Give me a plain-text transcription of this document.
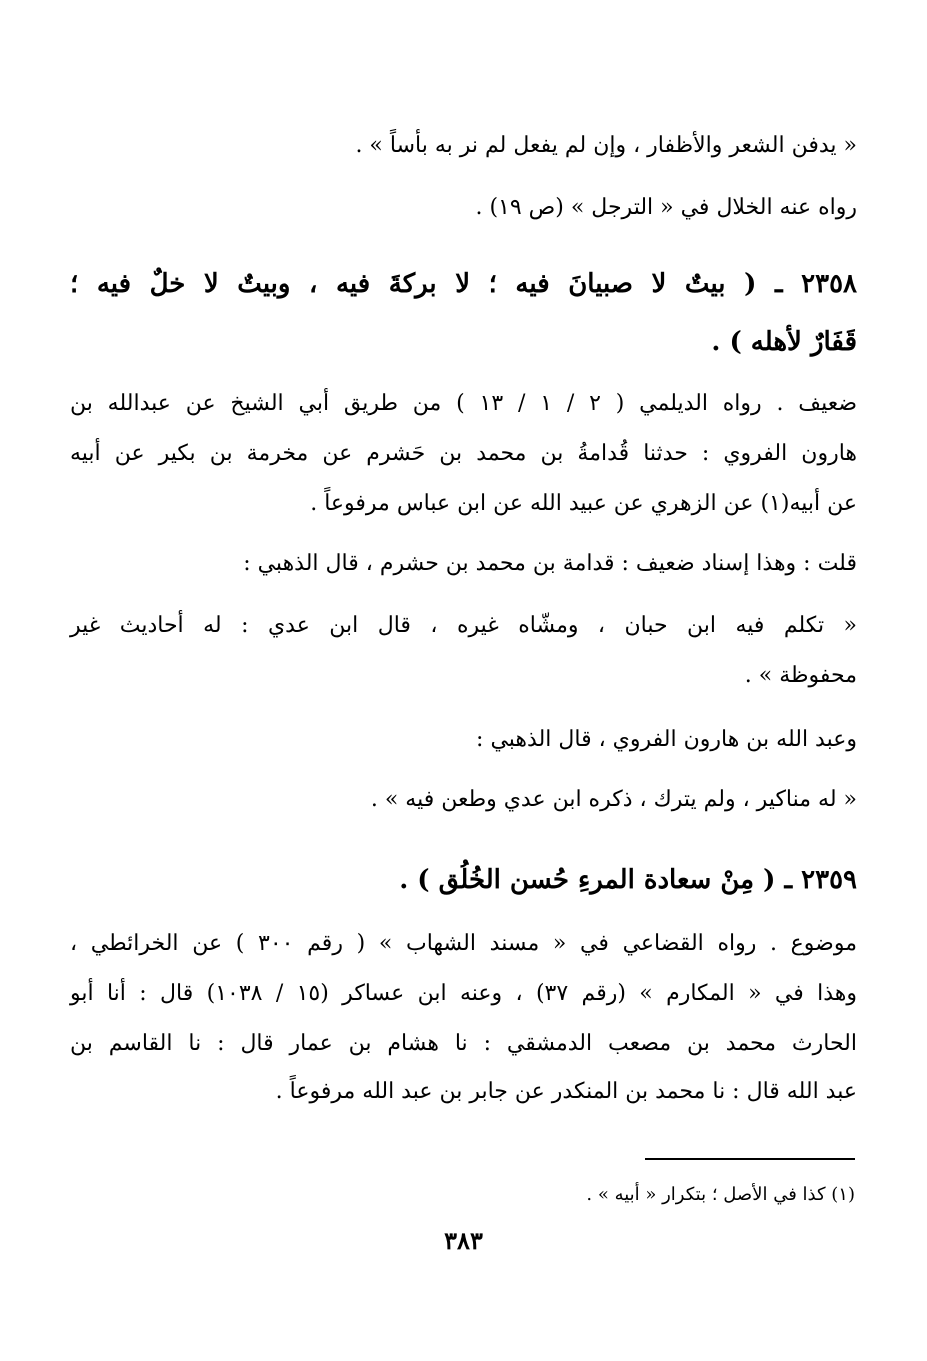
« يدفن الشعر والأظفار ، وإن لم يفعل لم نر به بأساً » .
رواه عنه الخلال في « الترجل » (ص ١٩) .
٢٣٥٨ ـ ( بيتٌ لا صبيانَ فيه ؛ لا بركةَ فيه ، وبيتٌ لا خلٌ فيه ؛
قَفَارٌ لأهله ) .
ضعيف . رواه الديلمي ( ٢ / ١ / ١٣ ) من طريق أبي الشيخ عن عبدالله بن
هارون الفروي : حدثنا قُدامةُ بن محمد بن حَشرم عن مخرمة بن بكير عن أبيه
عن أبيه(١) عن الزهري عن عبيد الله عن ابن عباس مرفوعاً .
قلت : وهذا إسناد ضعيف : قدامة بن محمد بن حشرم ، قال الذهبي :
« تكلم فيه ابن حبان ، ومشّاه غيره ، قال ابن عدي : له أحاديث غير
محفوظة » .
وعبد الله بن هارون الفروي ، قال الذهبي :
« له مناكير ، ولم يترك ، ذكره ابن عدي وطعن فيه » .
٢٣٥٩ ـ ( مِنْ سعادة المرءِ حُسن الخُلُق ) .
موضوع . رواه القضاعي في « مسند الشهاب » ( رقم ٣٠٠ ) عن الخرائطي ،
وهذا في « المكارم » (رقم ٣٧) ، وعنه ابن عساكر (١٥ / ١٠٣٨) قال : أنا أبو
الحارث محمد بن مصعب الدمشقي : نا هشام بن عمار قال : نا القاسم بن
عبد الله قال : نا محمد بن المنكدر عن جابر بن عبد الله مرفوعاً .
(١) كذا في الأصل ؛ بتكرار « أبيه » .
٣٨٣
